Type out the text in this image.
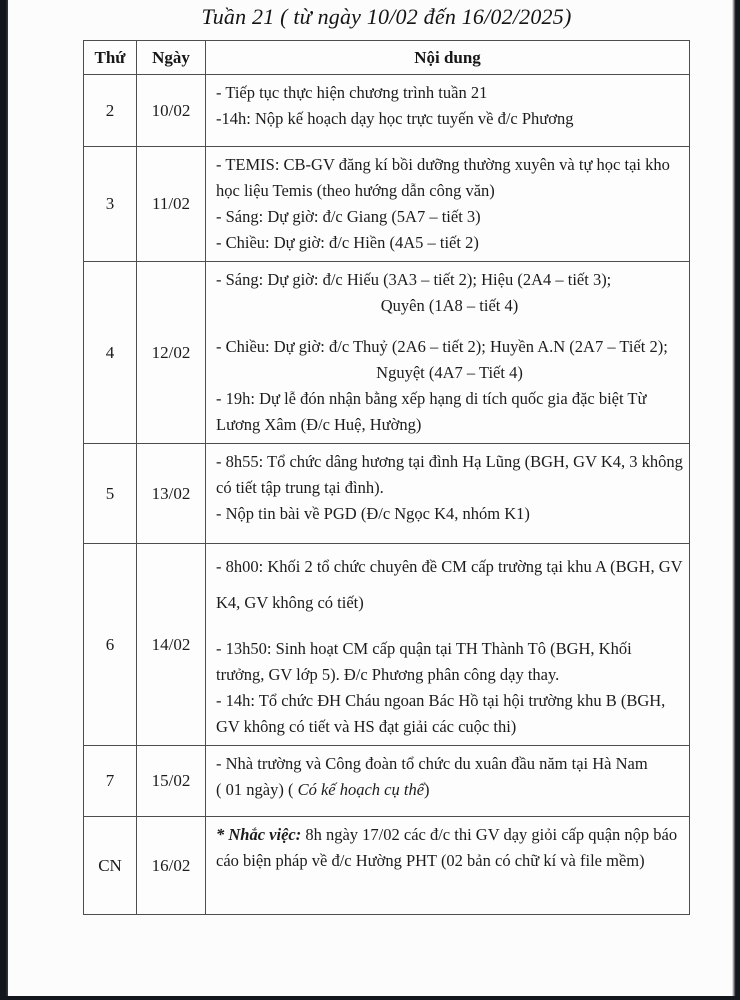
Tuần 21 ( từ ngày 10/02 đến 16/02/2025)
Thứ	Ngày	Nội dung
2	10/02	- Tiếp tục thực hiện chương trình tuần 21
-14h: Nộp kế hoạch dạy học trực tuyến về đ/c Phương

3	11/02	- TEMIS: CB-GV đăng kí bồi dưỡng thường xuyên và tự học tại kho học liệu Temis (theo hướng dẫn công văn)
- Sáng: Dự giờ: đ/c Giang (5A7 – tiết 3)
- Chiều: Dự giờ: đ/c Hiền (4A5 – tiết 2)

4	12/02	- Sáng: Dự giờ: đ/c Hiếu (3A3 – tiết 2); Hiệu (2A4 – tiết 3);
Quyên (1A8 – tiết 4)
- Chiều: Dự giờ: đ/c Thuỷ (2A6 – tiết 2); Huyền A.N (2A7 – Tiết 2);
Nguyệt (4A7 – Tiết 4)
- 19h: Dự lễ đón nhận bằng xếp hạng di tích quốc gia đặc biệt Từ Lương Xâm (Đ/c Huệ, Hường)

5	13/02	- 8h55: Tổ chức dâng hương tại đình Hạ Lũng (BGH, GV K4, 3 không có tiết tập trung tại đình).
- Nộp tin bài về PGD (Đ/c Ngọc K4, nhóm K1)

6	14/02	- 8h00: Khối 2 tổ chức chuyên đề CM cấp trường tại khu A (BGH, GV K4, GV không có tiết)
- 13h50: Sinh hoạt CM cấp quận tại TH Thành Tô (BGH, Khối trưởng, GV lớp 5). Đ/c Phương phân công dạy thay.
- 14h: Tổ chức ĐH Cháu ngoan Bác Hồ tại hội trường khu B (BGH, GV không có tiết và HS đạt giải các cuộc thi)

7	15/02	- Nhà trường và Công đoàn tổ chức du xuân đầu năm tại Hà Nam
( 01 ngày) ( Có kế hoạch cụ thể)

CN	16/02	* Nhắc việc: 8h ngày 17/02 các đ/c thi GV dạy giỏi cấp quận nộp báo cáo biện pháp về đ/c Hường PHT (02 bản có chữ kí và file mềm)
